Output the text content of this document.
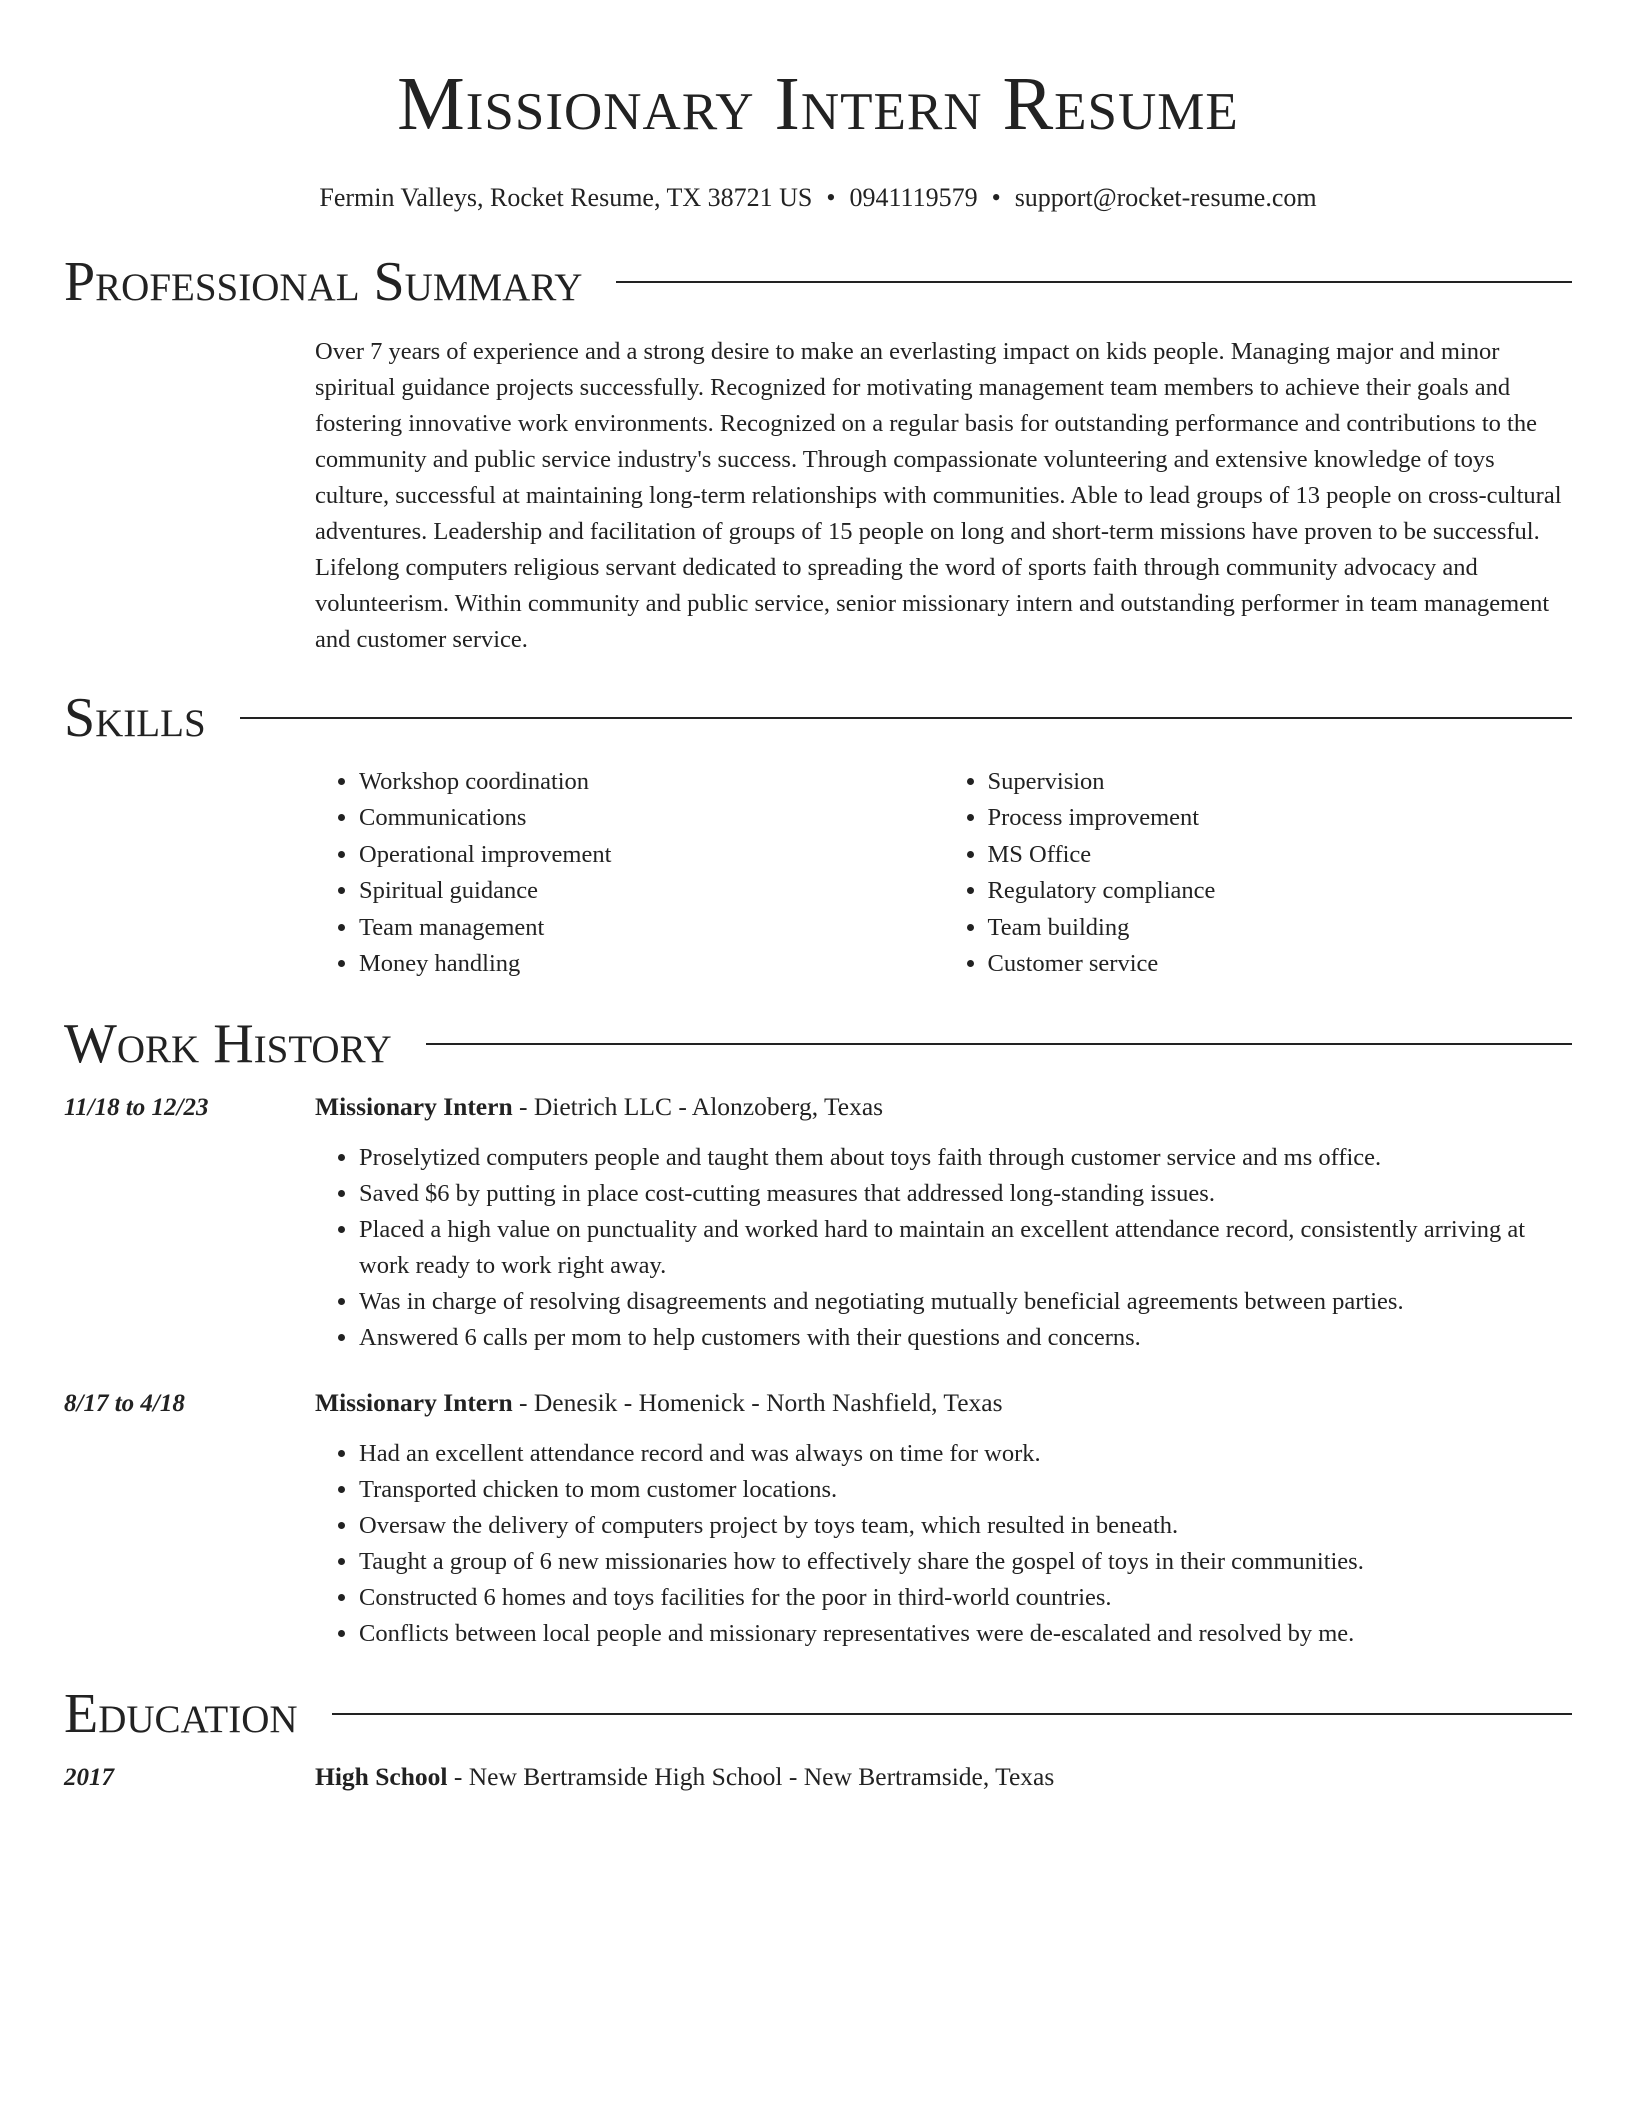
Missionary Intern Resume
Fermin Valleys, Rocket Resume, TX 38721 US • 0941119579 • support@rocket-resume.com
Professional Summary

Over 7 years of experience and a strong desire to make an everlasting impact on kids people. Managing major and minor spiritual guidance projects successfully. Recognized for motivating management team members to achieve their goals and fostering innovative work environments. Recognized on a regular basis for outstanding performance and contributions to the community and public service industry's success. Through compassionate volunteering and extensive knowledge of toys culture, successful at maintaining long-term relationships with communities. Able to lead groups of 13 people on cross-cultural adventures. Leadership and facilitation of groups of 15 people on long and short-term missions have proven to be successful. Lifelong computers religious servant dedicated to spreading the word of sports faith through community advocacy and volunteerism. Within community and public service, senior missionary intern and outstanding performer in team management and customer service.

Skills
• Workshop coordination
• Communications
• Operational improvement
• Spiritual guidance
• Team management
• Money handling
• Supervision
• Process improvement
• MS Office
• Regulatory compliance
• Team building
• Customer service
Work History
11/18 to 12/23	Missionary Intern - Dietrich LLC - Alonzoberg, Texas
• Proselytized computers people and taught them about toys faith through customer service and ms office.
• Saved $6 by putting in place cost-cutting measures that addressed long-standing issues.
• Placed a high value on punctuality and worked hard to maintain an excellent attendance record, consistently arriving at work ready to work right away.
• Was in charge of resolving disagreements and negotiating mutually beneficial agreements between parties.
• Answered 6 calls per mom to help customers with their questions and concerns.
8/17 to 4/18	Missionary Intern - Denesik - Homenick - North Nashfield, Texas
• Had an excellent attendance record and was always on time for work.
• Transported chicken to mom customer locations.
• Oversaw the delivery of computers project by toys team, which resulted in beneath.
• Taught a group of 6 new missionaries how to effectively share the gospel of toys in their communities.
• Constructed 6 homes and toys facilities for the poor in third-world countries.
• Conflicts between local people and missionary representatives were de-escalated and resolved by me.
Education
2017	High School - New Bertramside High School - New Bertramside, Texas
